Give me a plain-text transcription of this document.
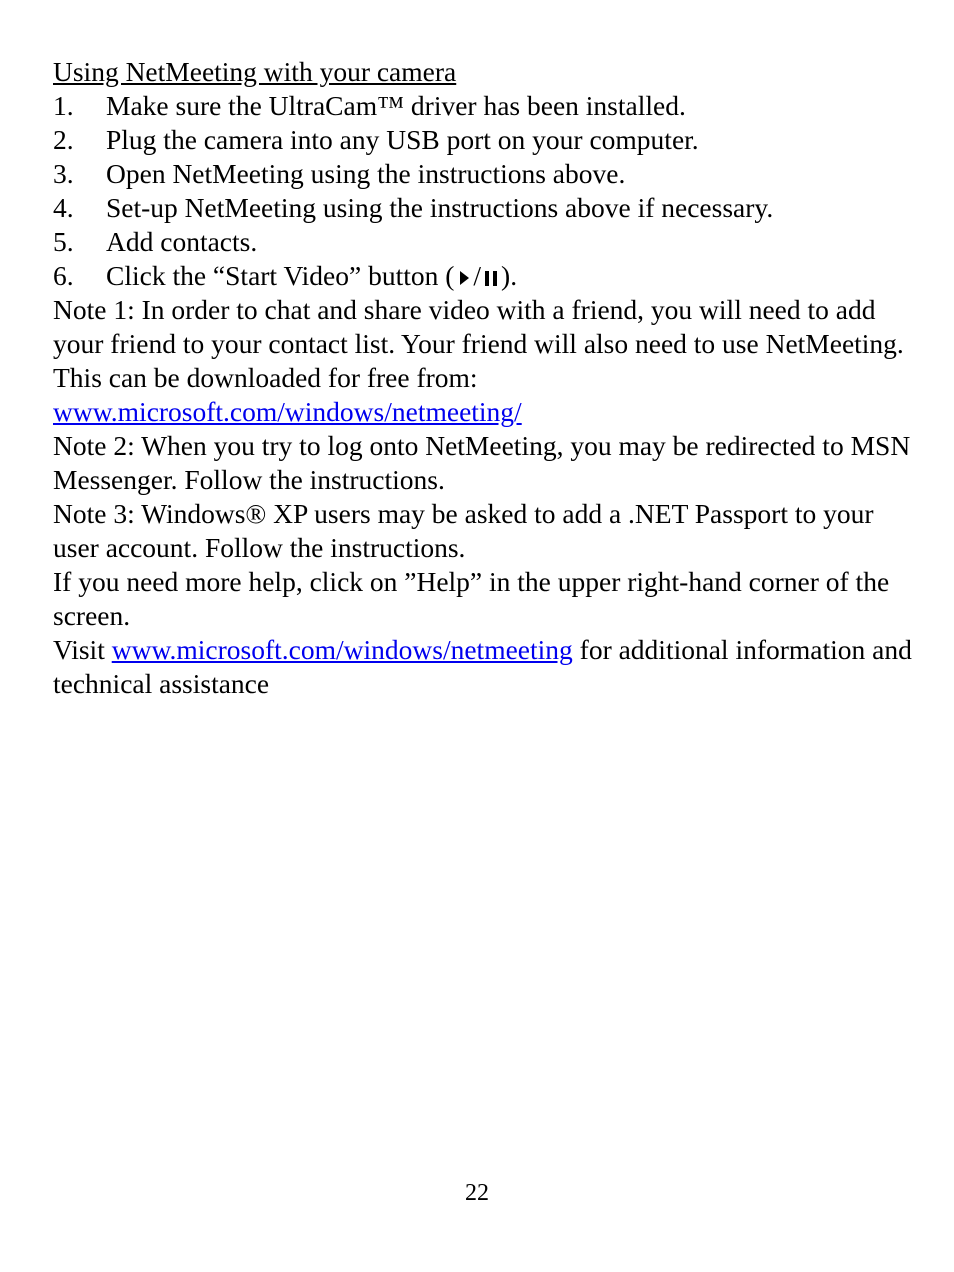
Using NetMeeting with your camera
1.	Make sure the UltraCam™ driver has been installed.
2.	Plug the camera into any USB port on your computer.
3.	Open NetMeeting using the instructions above.
4.	Set-up NetMeeting using the instructions above if necessary.
5.	Add contacts.
6.	Click the “Start Video” button ( / ).

Note 1: In order to chat and share video with a friend, you will need to add your friend to your contact list. Your friend will also need to use NetMeeting. This can be downloaded for free from:
www.microsoft.com/windows/netmeeting/

Note 2: When you try to log onto NetMeeting, you may be redirected to MSN Messenger. Follow the instructions.

Note 3: Windows® XP users may be asked to add a .NET Passport to your user account. Follow the instructions.

If you need more help, click on ”Help” in the upper right-hand corner of the screen.

Visit www.microsoft.com/windows/netmeeting for additional information and technical assistance

22
